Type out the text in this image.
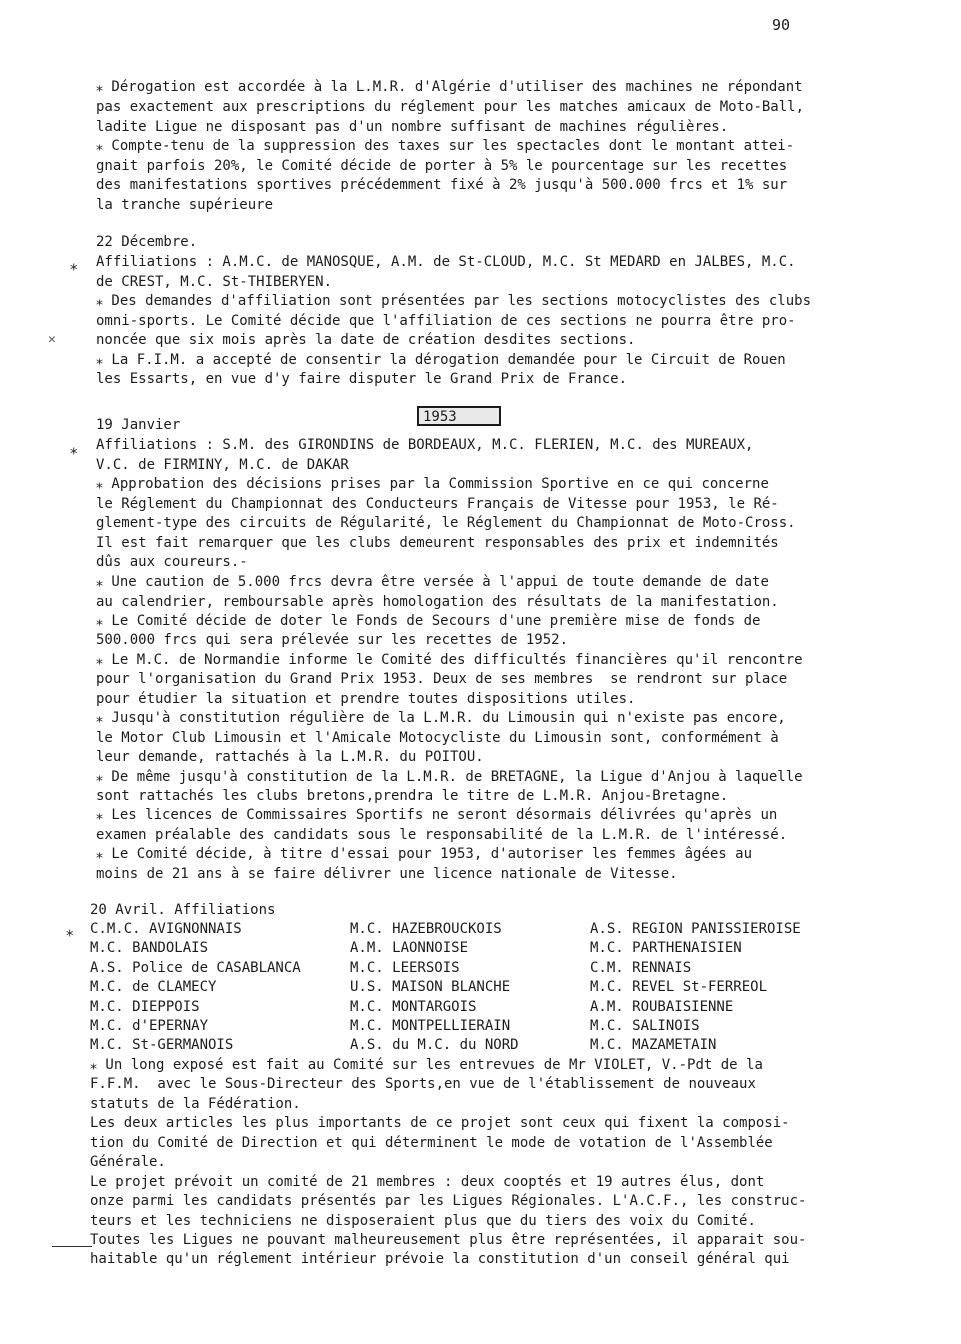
90
⁎ Dérogation est accordée à la L.M.R. d'Algérie d'utiliser des machines ne répondant
pas exactement aux prescriptions du réglement pour les matches amicaux de Moto-Ball,
ladite Ligue ne disposant pas d'un nombre suffisant de machines régulières.
⁎ Compte-tenu de la suppression des taxes sur les spectacles dont le montant attei-
gnait parfois 20%, le Comité décide de porter à 5% le pourcentage sur les recettes
des manifestations sportives précédemment fixé à 2% jusqu'à 500.000 frcs et 1% sur
la tranche supérieure
22 Décembre.
⁎ Affiliations : A.M.C. de MANOSQUE, A.M. de St-CLOUD, M.C. St MEDARD en JALBES, M.C.
de CREST, M.C. St-THIBERYEN.
⁎ Des demandes d'affiliation sont présentées par les sections motocyclistes des clubs
omni-sports. Le Comité décide que l'affiliation de ces sections ne pourra être pro-
noncée que six mois après la date de création desdites sections.
⁎ La F.I.M. a accepté de consentir la dérogation demandée pour le Circuit de Rouen
les Essarts, en vue d'y faire disputer le Grand Prix de France.
✕
1953
19 Janvier
⁎ Affiliations : S.M. des GIRONDINS de BORDEAUX, M.C. FLERIEN, M.C. des MUREAUX,
V.C. de FIRMINY, M.C. de DAKAR
⁎ Approbation des décisions prises par la Commission Sportive en ce qui concerne
le Réglement du Championnat des Conducteurs Français de Vitesse pour 1953, le Ré-
glement-type des circuits de Régularité, le Réglement du Championnat de Moto-Cross.
Il est fait remarquer que les clubs demeurent responsables des prix et indemnités
dûs aux coureurs.-
⁎ Une caution de 5.000 frcs devra être versée à l'appui de toute demande de date
au calendrier, remboursable après homologation des résultats de la manifestation.
⁎ Le Comité décide de doter le Fonds de Secours d'une première mise de fonds de
500.000 frcs qui sera prélevée sur les recettes de 1952.
⁎ Le M.C. de Normandie informe le Comité des difficultés financières qu'il rencontre
pour l'organisation du Grand Prix 1953. Deux de ses membres  se rendront sur place
pour étudier la situation et prendre toutes dispositions utiles.
⁎ Jusqu'à constitution régulière de la L.M.R. du Limousin qui n'existe pas encore,
le Motor Club Limousin et l'Amicale Motocycliste du Limousin sont, conformément à
leur demande, rattachés à la L.M.R. du POITOU.
⁎ De même jusqu'à constitution de la L.M.R. de BRETAGNE, la Ligue d'Anjou à laquelle
sont rattachés les clubs bretons,prendra le titre de L.M.R. Anjou-Bretagne.
⁎ Les licences de Commissaires Sportifs ne seront désormais délivrées qu'après un
examen préalable des candidats sous le responsabilité de la L.M.R. de l'intéressé.
⁎ Le Comité décide, à titre d'essai pour 1953, d'autoriser les femmes âgées au
moins de 21 ans à se faire délivrer une licence nationale de Vitesse.
20 Avril. Affiliations
⁎ C.M.C. AVIGNONNAIS	M.C. HAZEBROUCKOIS	A.S. REGION PANISSIEROISE
M.C. BANDOLAIS	A.M. LAONNOISE	M.C. PARTHENAISIEN
A.S. Police de CASABLANCA	M.C. LEERSOIS	C.M. RENNAIS
M.C. de CLAMECY	U.S. MAISON BLANCHE	M.C. REVEL St-FERREOL
M.C. DIEPPOIS	M.C. MONTARGOIS	A.M. ROUBAISIENNE
M.C. d'EPERNAY	M.C. MONTPELLIERAIN	M.C. SALINOIS
M.C. St-GERMANOIS	A.S. du M.C. du NORD	M.C. MAZAMETAIN
⁎ Un long exposé est fait au Comité sur les entrevues de Mr VIOLET, V.-Pdt de la
F.F.M.  avec le Sous-Directeur des Sports,en vue de l'établissement de nouveaux
statuts de la Fédération.
Les deux articles les plus importants de ce projet sont ceux qui fixent la composi-
tion du Comité de Direction et qui déterminent le mode de votation de l'Assemblée
Générale.
Le projet prévoit un comité de 21 membres : deux cooptés et 19 autres élus, dont
onze parmi les candidats présentés par les Ligues Régionales. L'A.C.F., les construc-
teurs et les techniciens ne disposeraient plus que du tiers des voix du Comité.
Toutes les Ligues ne pouvant malheureusement plus être représentées, il apparait sou-
haitable qu'un réglement intérieur prévoie la constitution d'un conseil général qui
